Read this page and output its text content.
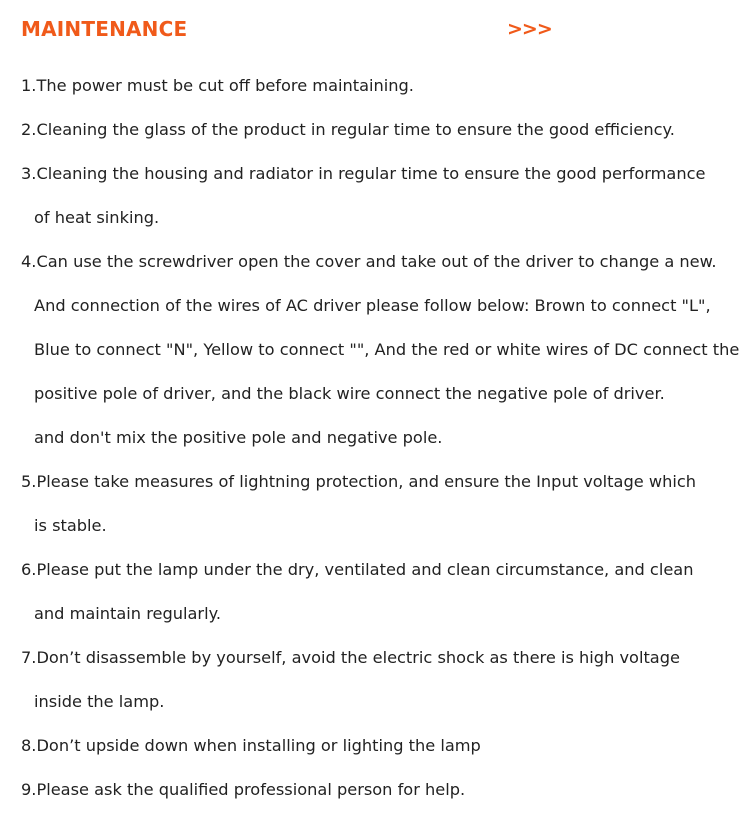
MAINTENANCE	>>>
1.The power must be cut off before maintaining.
2.Cleaning the glass of the product in regular time to ensure the good efficiency.
3.Cleaning the housing and radiator in regular time to ensure the good performance
of heat sinking.
4.Can use the screwdriver open the cover and take out of the driver to change a new.
And connection of the wires of AC driver please follow below: Brown to connect "L",
Blue to connect "N", Yellow to connect "", And the red or white wires of DC connect the
positive pole of driver, and the black wire connect the negative pole of driver.
and don't mix the positive pole and negative pole.
5.Please take measures of lightning protection, and ensure the Input voltage which
is stable.
6.Please put the lamp under the dry, ventilated and clean circumstance, and clean
and maintain regularly.
7.Don’t disassemble by yourself, avoid the electric shock as there is high voltage
inside the lamp.
8.Don’t upside down when installing or lighting the lamp
9.Please ask the qualified professional person for help.
